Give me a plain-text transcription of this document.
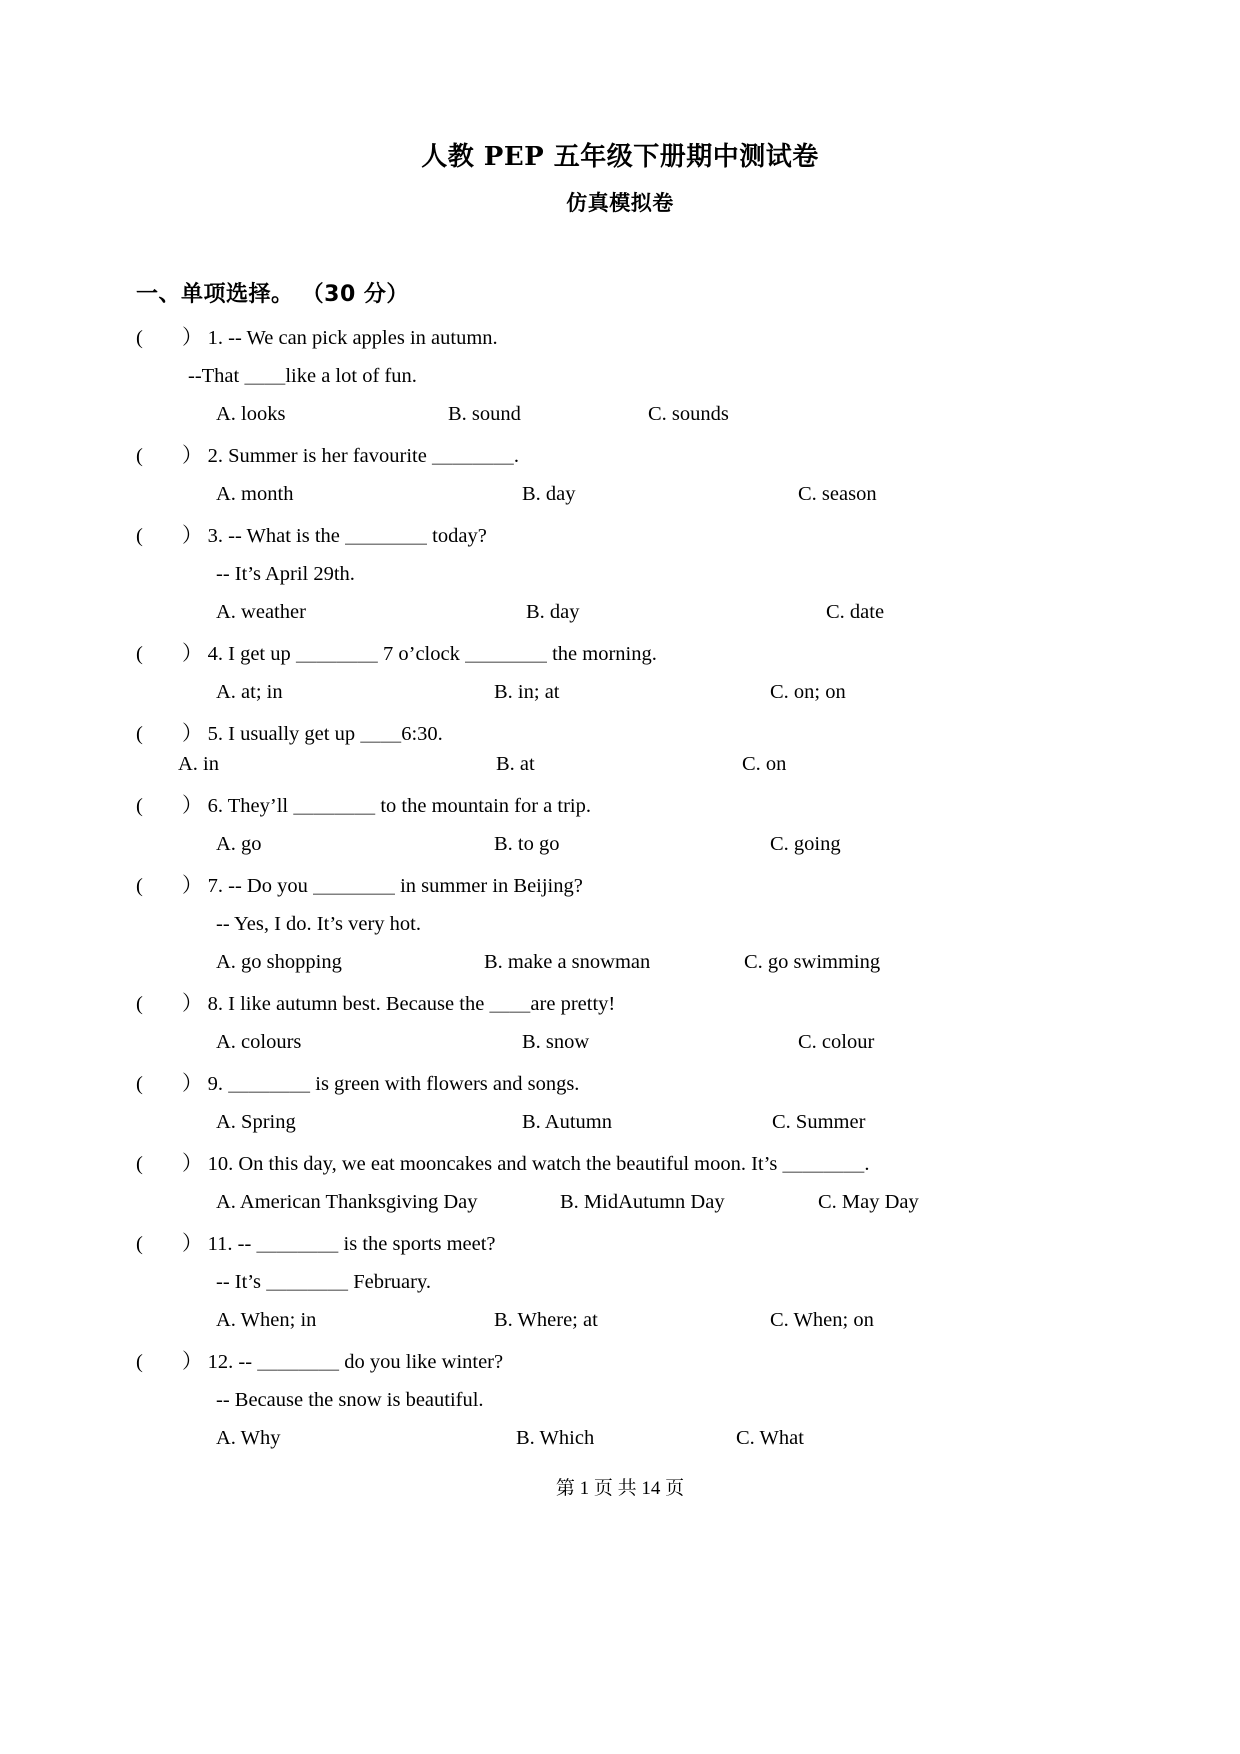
人教 PEP 五年级下册期中测试卷
仿真模拟卷
一、单项选择。 （30 分）
( ） 1. -- We can pick apples in autumn.
--That ＿＿like a lot of fun.
A. looks	B. sound	C. sounds
( ） 2. Summer is her favourite ＿＿＿＿.
A. month	B. day	C. season
( ） 3. -- What is the ＿＿＿＿ today?
-- It’s April 29th.
A. weather	B. day	C. date
( ） 4. I get up ＿＿＿＿ 7 o’clock ＿＿＿＿ the morning.
A. at; in	B. in; at	C. on; on
( ） 5. I usually get up ＿＿6:30.
A. in	B. at	C. on
( ） 6. They’ll ＿＿＿＿ to the mountain for a trip.
A. go	B. to go	C. going
( ） 7. -- Do you ＿＿＿＿ in summer in Beijing?
-- Yes, I do. It’s very hot.
A. go shopping	B. make a snowman	C. go swimming
( ） 8. I like autumn best. Because the ＿＿are pretty!
A. colours	B. snow	C. colour
( ） 9. ＿＿＿＿ is green with flowers and songs.
A. Spring	B. Autumn	C. Summer
( ） 10. On this day, we eat mooncakes and watch the beautiful moon. It’s ＿＿＿＿.
A. American Thanksgiving Day	B. MidAutumn Day	C. May Day
( ） 11. -- ＿＿＿＿ is the sports meet?
-- It’s ＿＿＿＿ February.
A. When; in	B. Where; at	C. When; on
( ） 12. -- ＿＿＿＿ do you like winter?
-- Because the snow is beautiful.
A. Why	B. Which	C. What
第 1 页 共 14 页
